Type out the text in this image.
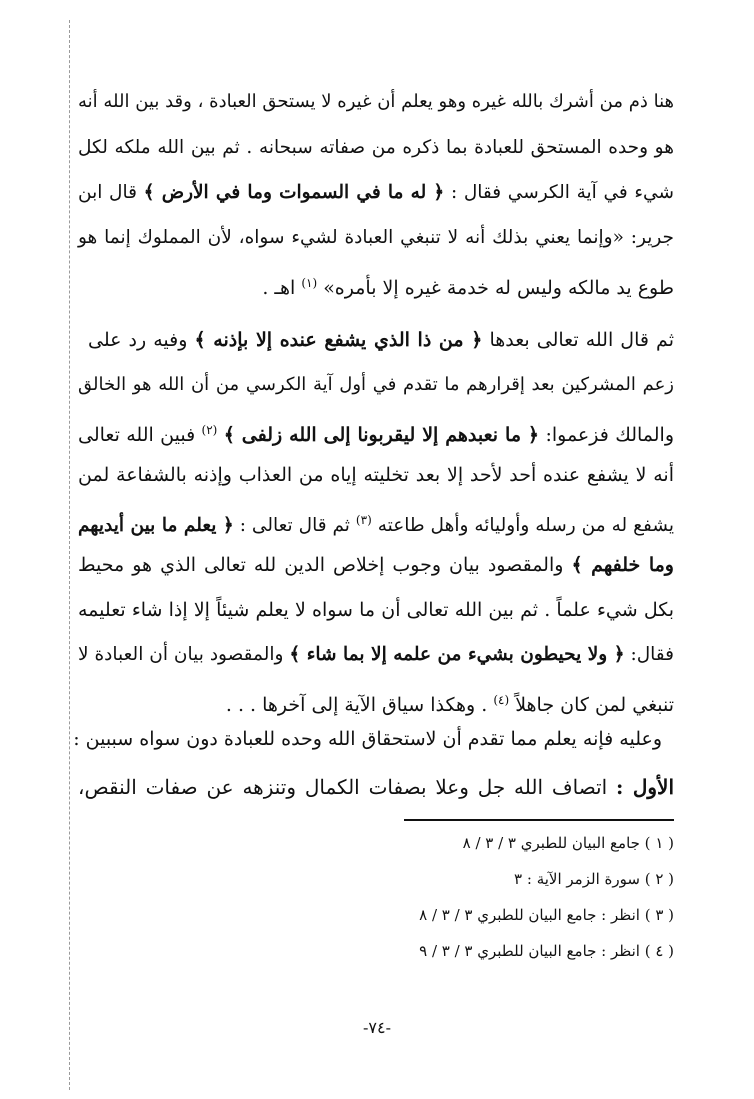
هنا ذم من أشرك بالله غيره وهو يعلم أن غيره لا يستحق العبادة ، وقد بين الله أنه
هو وحده المستحق للعبادة بما ذكره من صفاته سبحانه . ثم بين الله ملكه لكل
شيء في آية الكرسي فقال : ﴿ له ما في السموات وما في الأرض ﴾ قال ابن
جرير: «وإنما يعني بذلك أنه لا تنبغي العبادة لشيء سواه، لأن المملوك إنما هو
طوع يد مالكه وليس له خدمة غيره إلا بأمره» $^{(١)}$ اهـ .
ثم قال الله تعالى بعدها ﴿ من ذا الذي يشفع عنده إلا بإذنه ﴾ وفيه رد على
زعم المشركين بعد إقرارهم ما تقدم في أول آية الكرسي من أن الله هو الخالق
والمالك فزعموا: ﴿ ما نعبدهم إلا ليقربونا إلى الله زلفى ﴾ $^{(٢)}$ فبين الله تعالى
أنه لا يشفع عنده أحد لأحد إلا بعد تخليته إياه من العذاب وإذنه بالشفاعة لمن
يشفع له من رسله وأوليائه وأهل طاعته $^{(٣)}$ ثم قال تعالى : ﴿ يعلم ما بين أيديهم
وما خلفهم ﴾ والمقصود بيان وجوب إخلاص الدين لله تعالى الذي هو محيط
بكل شيء علماً . ثم بين الله تعالى أن ما سواه لا يعلم شيئاً إلا إذا شاء تعليمه
فقال: ﴿ ولا يحيطون بشيء من علمه إلا بما شاء ﴾ والمقصود بيان أن العبادة لا
تنبغي لمن كان جاهلاً $^{(٤)}$ . وهكذا سياق الآية إلى آخرها . . .
وعليه فإنه يعلم مما تقدم أن لاستحقاق الله وحده للعبادة دون سواه سببين :
الأول : اتصاف الله جل وعلا بصفات الكمال وتنزهه عن صفات النقص،
( ١ ) جامع البيان للطبري ٣ / ٣ / ٨
( ٢ ) سورة الزمر الآية : ٣
( ٣ ) انظر : جامع البيان للطبري ٣ / ٣ / ٨
( ٤ ) انظر : جامع البيان للطبري ٣ / ٣ / ٩
-٧٤-
